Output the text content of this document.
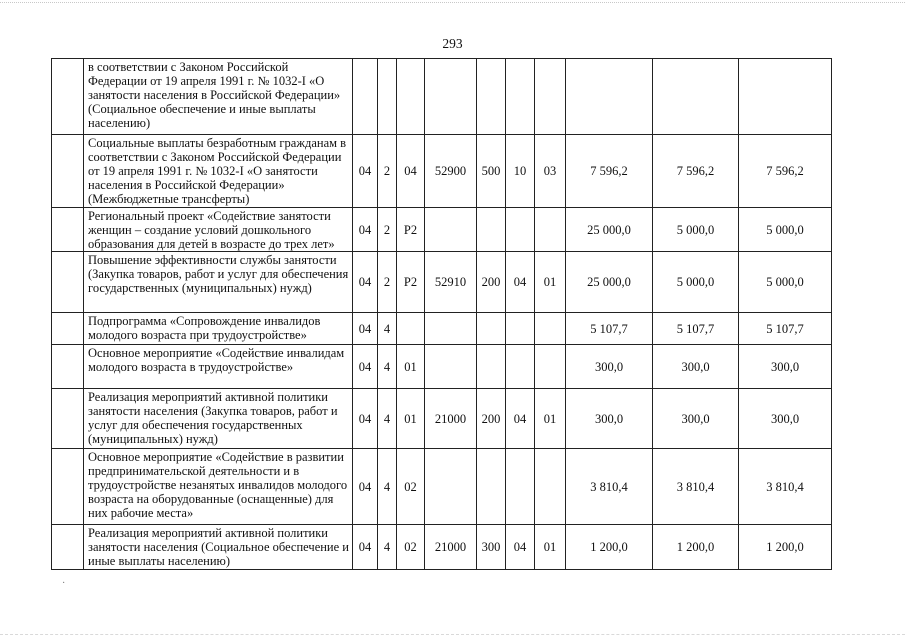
293
	в соответствии с Законом Российской Федерации от 19 апреля 1991 г. № 1032-I «О занятости населения в Российской Федерации» (Социальное обеспечение и иные выплаты населению)										
	Социальные выплаты безработным гражданам в соответствии с Законом Российской Федерации от 19 апреля 1991 г. № 1032-I «О занятости населения в Российской Федерации» (Межбюджетные трансферты)	04	2	04	52900	500	10	03	7 596,2	7 596,2	7 596,2
	Региональный проект «Содействие занятости женщин – создание условий дошкольного образования для детей в возрасте до трех лет»	04	2	P2					25 000,0	5 000,0	5 000,0
	Повышение эффективности службы занятости (Закупка товаров, работ и услуг для обеспечения государственных (муниципальных) нужд)	04	2	P2	52910	200	04	01	25 000,0	5 000,0	5 000,0
	Подпрограмма «Сопровождение инвалидов молодого возраста при трудоустройстве»	04	4						5 107,7	5 107,7	5 107,7
	Основное мероприятие «Содействие инвалидам молодого возраста в трудоустройстве»	04	4	01					300,0	300,0	300,0
	Реализация мероприятий активной политики занятости населения (Закупка товаров, работ и услуг для обеспечения государственных (муниципальных) нужд)	04	4	01	21000	200	04	01	300,0	300,0	300,0
	Основное мероприятие «Содействие в развитии предпринимательской деятельности и в трудоустройстве незанятых инвалидов молодого возраста на оборудованные (оснащенные) для них рабочие места»	04	4	02					3 810,4	3 810,4	3 810,4
	Реализация мероприятий активной политики занятости населения (Социальное обеспечение и иные выплаты населению)	04	4	02	21000	300	04	01	1 200,0	1 200,0	1 200,0
·
